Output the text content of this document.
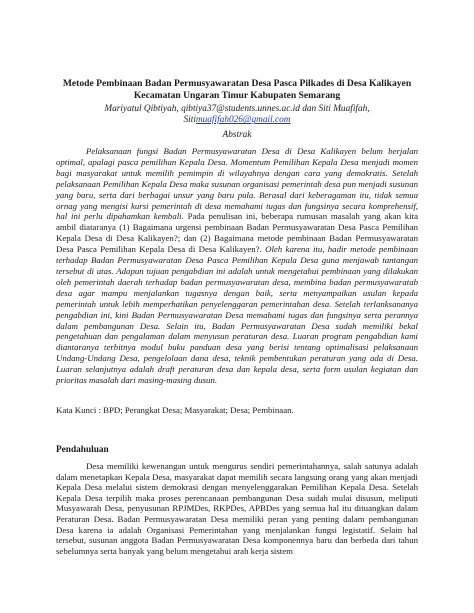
Metode Pembinaan Badan Permusyawaratan Desa Pasca Pilkades di Desa Kalikayen
Kecamatan Ungaran Timur Kabupaten Semarang
Mariyatul Qibtiyah, qibtiya37@students.unnes.ac.id dan Siti Muafifah,
Sitimuafifah026@gmail.com
Abstrak
Pelaksanaan fungsi Badan Permusyawaratan Desa di Desa Kalikayen belum berjalan optimal, apalagi pasca pemilihan Kepala Desa. Momentum Pemilihan Kepala Desa menjadi momen bagi masyarakat untuk memilih pemimpin di wilayahnya dengan cara yang demokratis. Setelah pelaksanaan Pemilihan Kepala Desa maka susunan organisasi pemerintah desa pun menjadi susunan yang baru, serta dari berbagai unsur yang baru pula. Berasal dari keberagaman itu, tidak semua ornag yang mengisi kursi pemerintah di desa memahami tugas dan fungsinya secara komprehensif, hal ini perlu dipahamkan kembali. Pada penulisan ini, beberapa rumusan masalah yang akan kita ambil diataranya (1) Bagaimana urgensi pembinaan Badan Permusyawaratan Desa Pasca Pemilihan Kepala Desa di Desa Kalikayen?; dan (2) Bagaimana metode pembinaan Badan Permusyawaratan Desa Pasca Pemilihan Kepala Desa di Desa Kalikayen?. Oleh karena itu, hadir metode pembinaan terhadap Badan Permusyawaratan Desa Pasca Pemilihan Kepala Desa guna menjawab tantangan tersebut di atas. Adapun tujuan pengabdian ini adalah untuk mengetahui pembinaan yang dilakukan oleh pemerintah daerah terhadap badan permusyawaratan desa, membina badan permusyawaratab desa agar mampu menjalankan tugasnya dengan baik, serta menyampaikan usulan kepada pemerintah untuk lebih memperhatikan penyelenggaran pemerintahan desa. Setelah terlanksananya pengabdian ini, kini Badan Permusyawaratan Desa memahami tugas dan fungsinya serta perannya dalam pembangunan Desa. Selain itu, Badan Permusyawaratan Desa sudah memiliki bekal pengetahuan dan pengalaman dalam menyusun peraturan desa. Luaran program pengabdian kami diantaranya terbitnya modul buku panduan desa yang berisi tentang optimalisasi pelaksanaan Undang-Undang Desa, pengelolaan dana desa, teknik pembentukan peraturan yang ada di Desa. Luaran selanjutnya adalah draft peraturan desa dan kepala desa, serta form usulan kegiatan dan prioritas masalah dari masing-masing dusun.
Kata Kunci : BPD; Perangkat Desa; Masyarakat; Desa; Pembinaan.
Pendahuluan
Desa memiliki kewenangan untuk mengurus sendiri pemerintahannya, salah satunya adalah dalam menetapkan Kepala Desa, masyarakat dapat memilih secara langsung orang yang akan menjadi Kepala Desa melalui sistem demokrasi dengan menyelenggarakan Pemilihan Kepala Desa. Setelah Kepala Desa terpilih maka proses perencanaan pembangunan Desa sudah mulai disusun, meliputi Musyawarah Desa, penyusunan RPJMDes, RKPDes, APBDes yang semua hal itu dituangkan dalam Peraturan Desa. Badan Permusyawaratan Desa memiliki peran yang penting dalam pembangunan Desa karena ia adalah Organisasi Pemerintahan yang menjalankan fungsi legistatif. Selain hal tersebut, susunan anggota Badan Permusyawaratan Desa komponennya baru dan berbeda dari tahun sebelumnya serta banyak yang belum mengetahui arah kerja sistem
